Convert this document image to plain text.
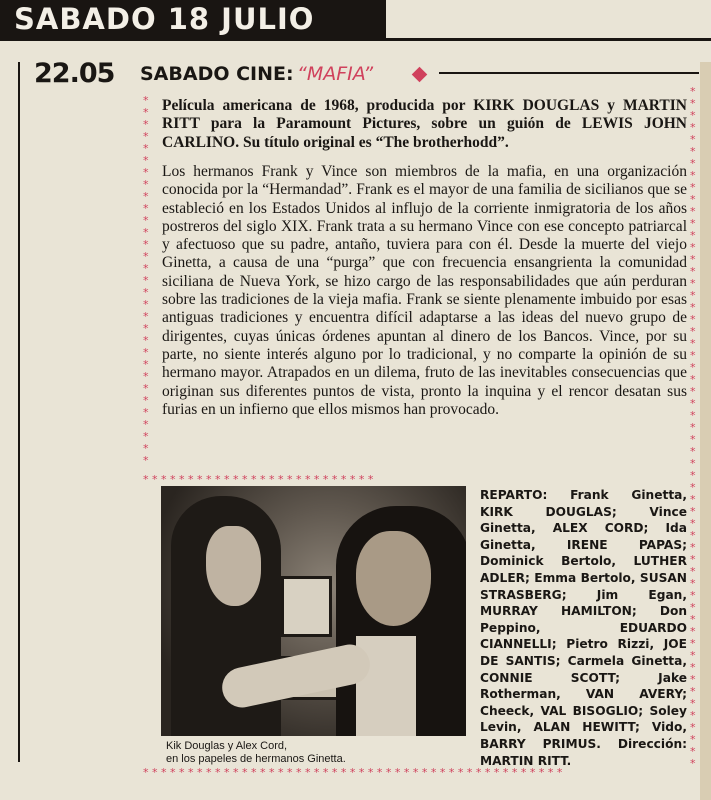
SABADO 18 JULIO
22.05 SABADO CINE: “MAFIA”
*
*
*
*
*
*
*
*
*
*
*
*
*
*
*
*
*
*
*
*
*
*
*
*
*
*
*
*
*
*
*
*
*
*
*
*
*
*
*
*
*
*
*
*
*
*
*
*
*
*
*
*
*
*
*
*
*
*
*
*
*
*
*
*
*
*
*
*
*
*
*
*
*
*
*
*
*
*
*
*
*
*
*
*
*
*
*
*
* * * * * * * * * * * * * * * * * * * * * * * * * *
* * * * * * * * * * * * * * * * * * * * * * * * * * * * * * * * * * * * * * * * * * * * * * *
Película americana de 1968, producida por KIRK DOUGLAS y MARTIN RITT para la Paramount Pictures, sobre un guión de LEWIS JOHN CARLINO. Su título original es “The brotherhodd”.
Los hermanos Frank y Vince son miembros de la mafia, en una organización conocida por la “Hermandad”. Frank es el mayor de una familia de sicilianos que se estableció en los Estados Unidos al influjo de la corriente inmigratoria de los años postreros del siglo XIX. Frank trata a su hermano Vince con ese concepto patriarcal y afectuoso que su padre, antaño, tuviera para con él. Desde la muerte del viejo Ginetta, a causa de una “purga” que con frecuencia ensangrienta la comunidad siciliana de Nueva York, se hizo cargo de las responsabilidades que aún perduran sobre las tradiciones de la vieja mafia. Frank se siente plenamente imbuido por esas antiguas tradiciones y encuentra difícil adaptarse a las ideas del nuevo grupo de dirigentes, cuyas únicas órdenes apuntan al dinero de los Bancos. Vince, por su parte, no siente interés alguno por lo tradicional, y no comparte la opinión de su hermano mayor. Atrapados en un dilema, fruto de las inevitables consecuencias que originan sus diferentes puntos de vista, pronto la inquina y el rencor desatan sus furias en un infierno que ellos mismos han provocado.
Kik Douglas y Alex Cord,
en los papeles de hermanos Ginetta.
REPARTO: Frank Ginetta, KIRK DOUGLAS; Vince Ginetta, ALEX CORD; Ida Ginetta, IRENE PAPAS; Dominick Bertolo, LUTHER ADLER; Emma Bertolo, SUSAN STRASBERG; Jim Egan, MURRAY HAMILTON; Don Peppino, EDUARDO CIANNELLI; Pietro Rizzi, JOE DE SANTIS; Carmela Ginetta, CONNIE SCOTT; Jake Rotherman, VAN AVERY; Cheeck, VAL BISOGLIO; Soley Levin, ALAN HEWITT; Vido, BARRY PRIMUS. Dirección: MARTIN RITT.
